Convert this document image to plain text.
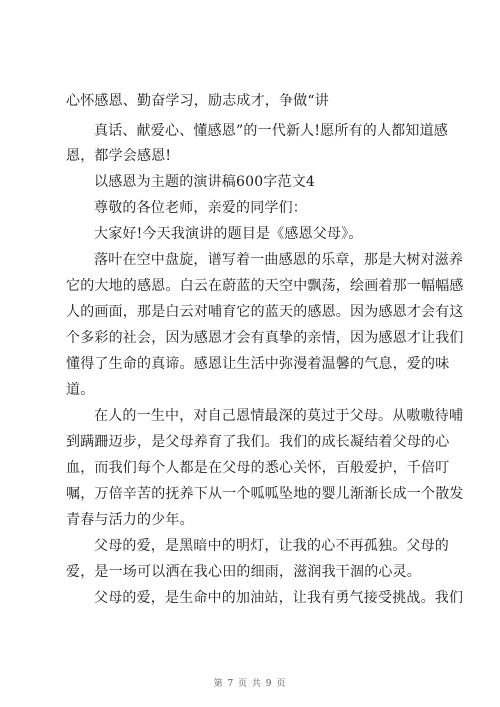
心怀感恩、勤奋学习，励志成才，争做“讲
真话、献爱心、懂感恩”的一代新人!愿所有的人都知道感
恩，都学会感恩!
以感恩为主题的演讲稿600字范文4
尊敬的各位老师，亲爱的同学们：
大家好!今天我演讲的题目是《感恩父母》。
落叶在空中盘旋，谱写着一曲感恩的乐章，那是大树对滋养
它的大地的感恩。白云在蔚蓝的天空中飘荡，绘画着那一幅幅感
人的画面，那是白云对哺育它的蓝天的感恩。因为感恩才会有这
个多彩的社会，因为感恩才会有真挚的亲情，因为感恩才让我们
懂得了生命的真谛。感恩让生活中弥漫着温馨的气息，爱的味
道。
在人的一生中，对自己恩情最深的莫过于父母。从嗷嗷待哺
到蹒跚迈步，是父母养育了我们。我们的成长凝结着父母的心
血，而我们每个人都是在父母的悉心关怀，百般爱护，千倍叮
嘱，万倍辛苦的抚养下从一个呱呱坠地的婴儿渐渐长成一个散发
青春与活力的少年。
父母的爱，是黑暗中的明灯，让我的心不再孤独。父母的
爱，是一场可以洒在我心田的细雨，滋润我干涸的心灵。
父母的爱，是生命中的加油站，让我有勇气接受挑战。我们
第 7 页 共 9 页
